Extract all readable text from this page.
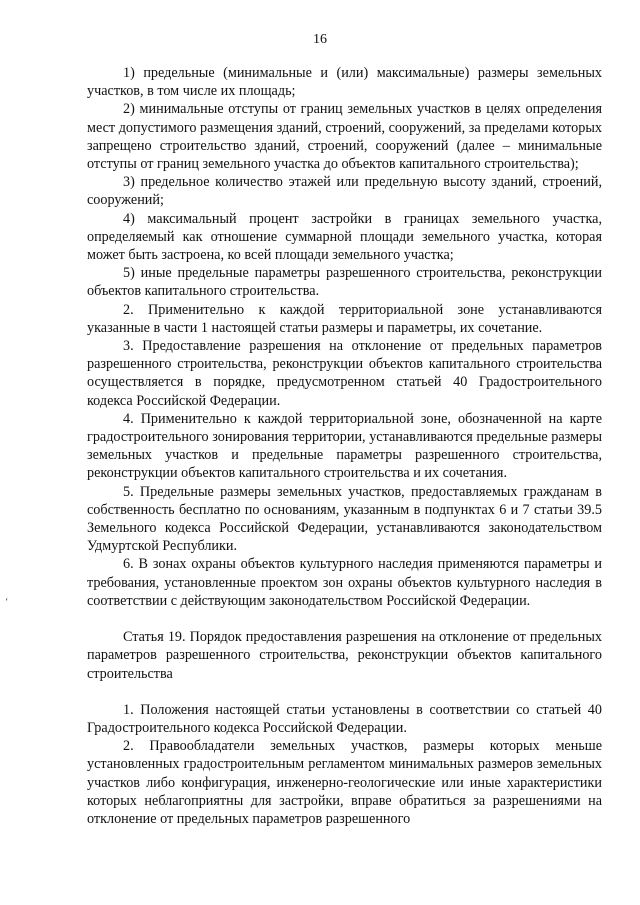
16

1) предельные (минимальные и (или) максимальные) размеры земельных участков, в том числе их площадь;

2) минимальные отступы от границ земельных участков в целях определения мест допустимого размещения зданий, строений, сооружений, за пределами которых запрещено строительство зданий, строений, сооружений (далее – минимальные отступы от границ земельного участка до объектов капитального строительства);

3) предельное количество этажей или предельную высоту зданий, строений, сооружений;

4) максимальный процент застройки в границах земельного участка, определяемый как отношение суммарной площади земельного участка, которая может быть застроена, ко всей площади земельного участка;

5) иные предельные параметры разрешенного строительства, реконструкции объектов капитального строительства.

2. Применительно к каждой территориальной зоне устанавливаются указанные в части 1 настоящей статьи размеры и параметры, их сочетание.

3. Предоставление разрешения на отклонение от предельных параметров разрешенного строительства, реконструкции объектов капитального строительства осуществляется в порядке, предусмотренном статьей 40 Градостроительного кодекса Российской Федерации.

4. Применительно к каждой территориальной зоне, обозначенной на карте градостроительного зонирования территории, устанавливаются предельные размеры земельных участков и предельные параметры разрешенного строительства, реконструкции объектов капитального строительства и их сочетания.

5. Предельные размеры земельных участков, предоставляемых гражданам в собственность бесплатно по основаниям, указанным в подпунктах 6 и 7 статьи 39.5 Земельного кодекса Российской Федерации, устанавливаются законодательством Удмуртской Республики.

6. В зонах охраны объектов культурного наследия применяются параметры и требования, установленные проектом зон охраны объектов культурного наследия в соответствии с действующим законодательством Российской Федерации.

Статья 19. Порядок предоставления разрешения на отклонение от предельных параметров разрешенного строительства, реконструкции объектов капитального строительства

1. Положения настоящей статьи установлены в соответствии со статьей 40 Градостроительного кодекса Российской Федерации.

2. Правообладатели земельных участков, размеры которых меньше установленных градостроительным регламентом минимальных размеров земельных участков либо конфигурация, инженерно-геологические или иные характеристики которых неблагоприятны для застройки, вправе обратиться за разрешениями на отклонение от предельных параметров разрешенного

‘
